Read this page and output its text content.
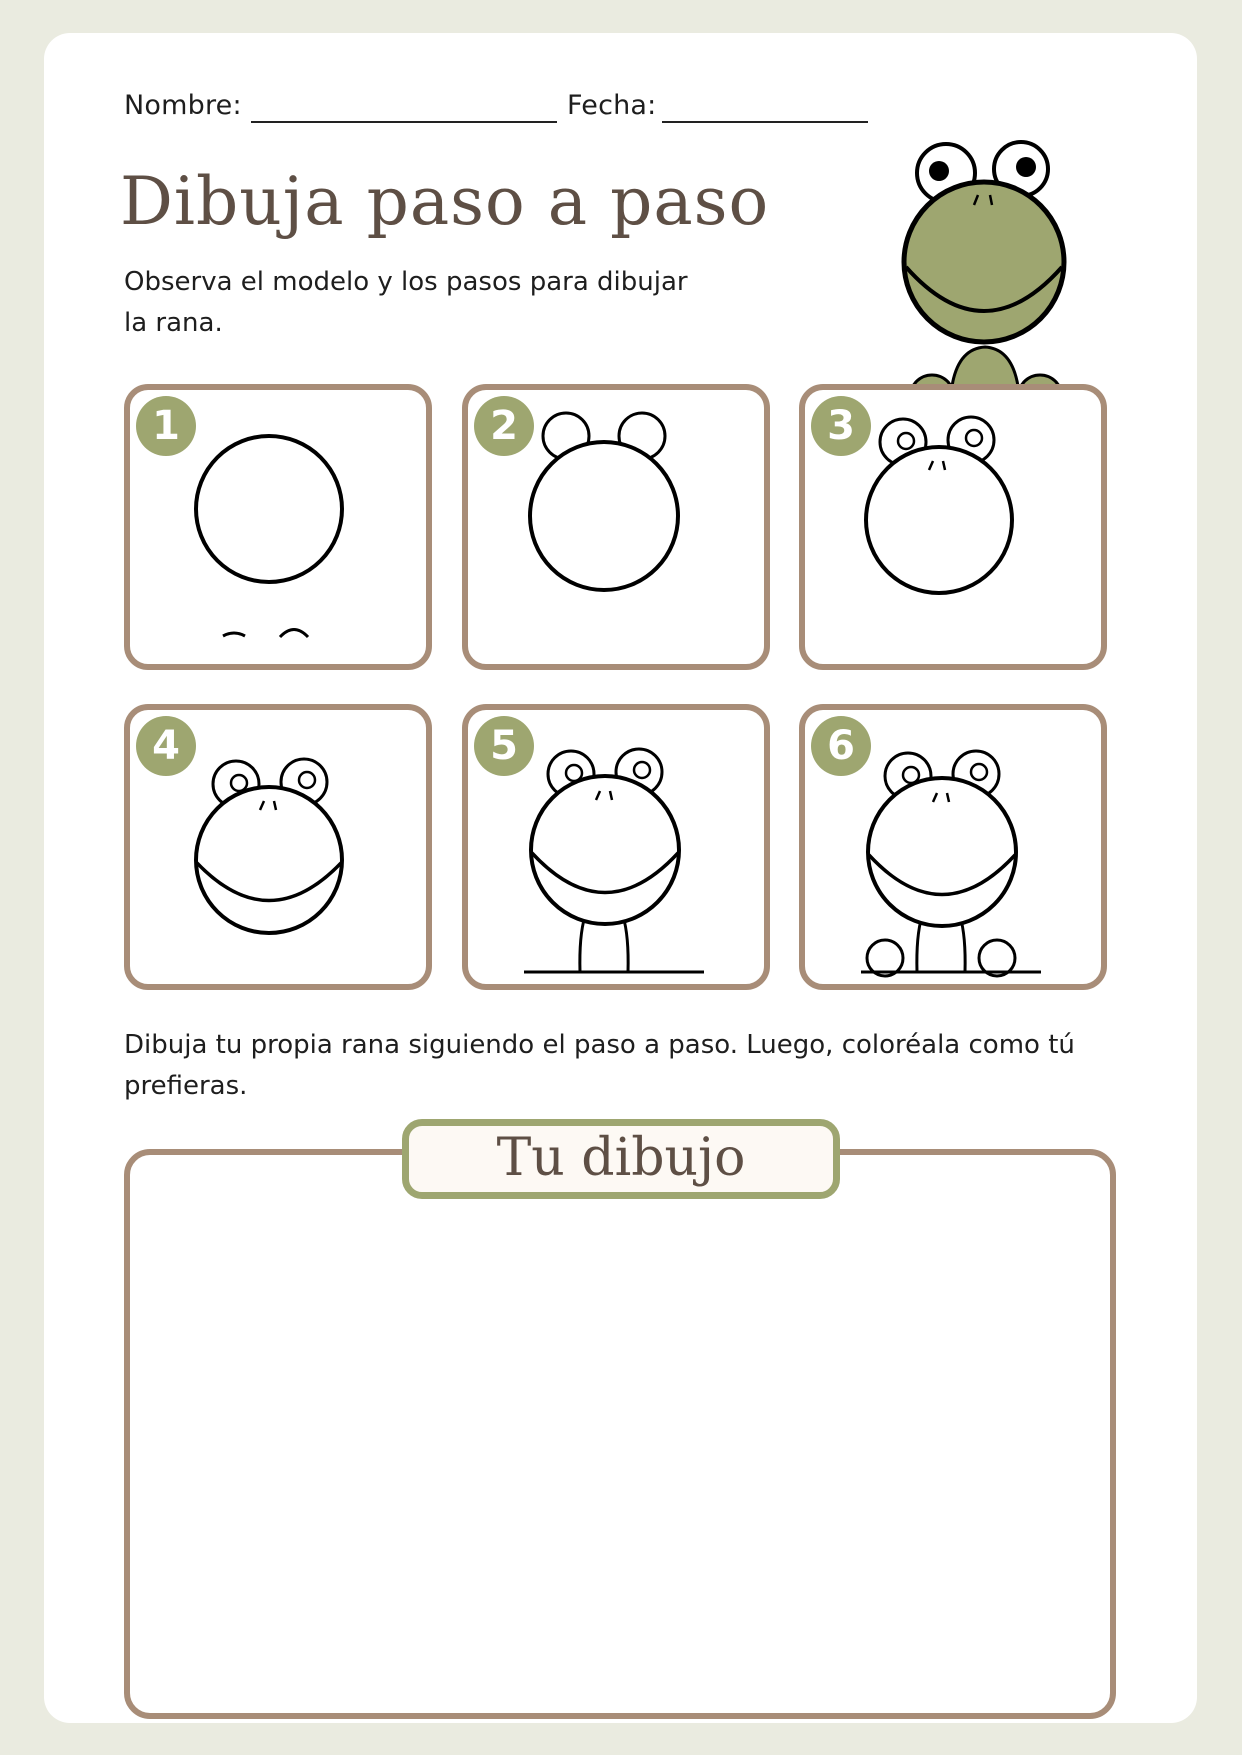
Nombre:	Fecha:
Dibuja paso a paso
Observa el modelo y los pasos para dibujar
la rana.
1	2	3
4	5	6
Dibuja tu propia rana siguiendo el paso a paso. Luego, coloréala como tú
prefieras.
Tu dibujo
